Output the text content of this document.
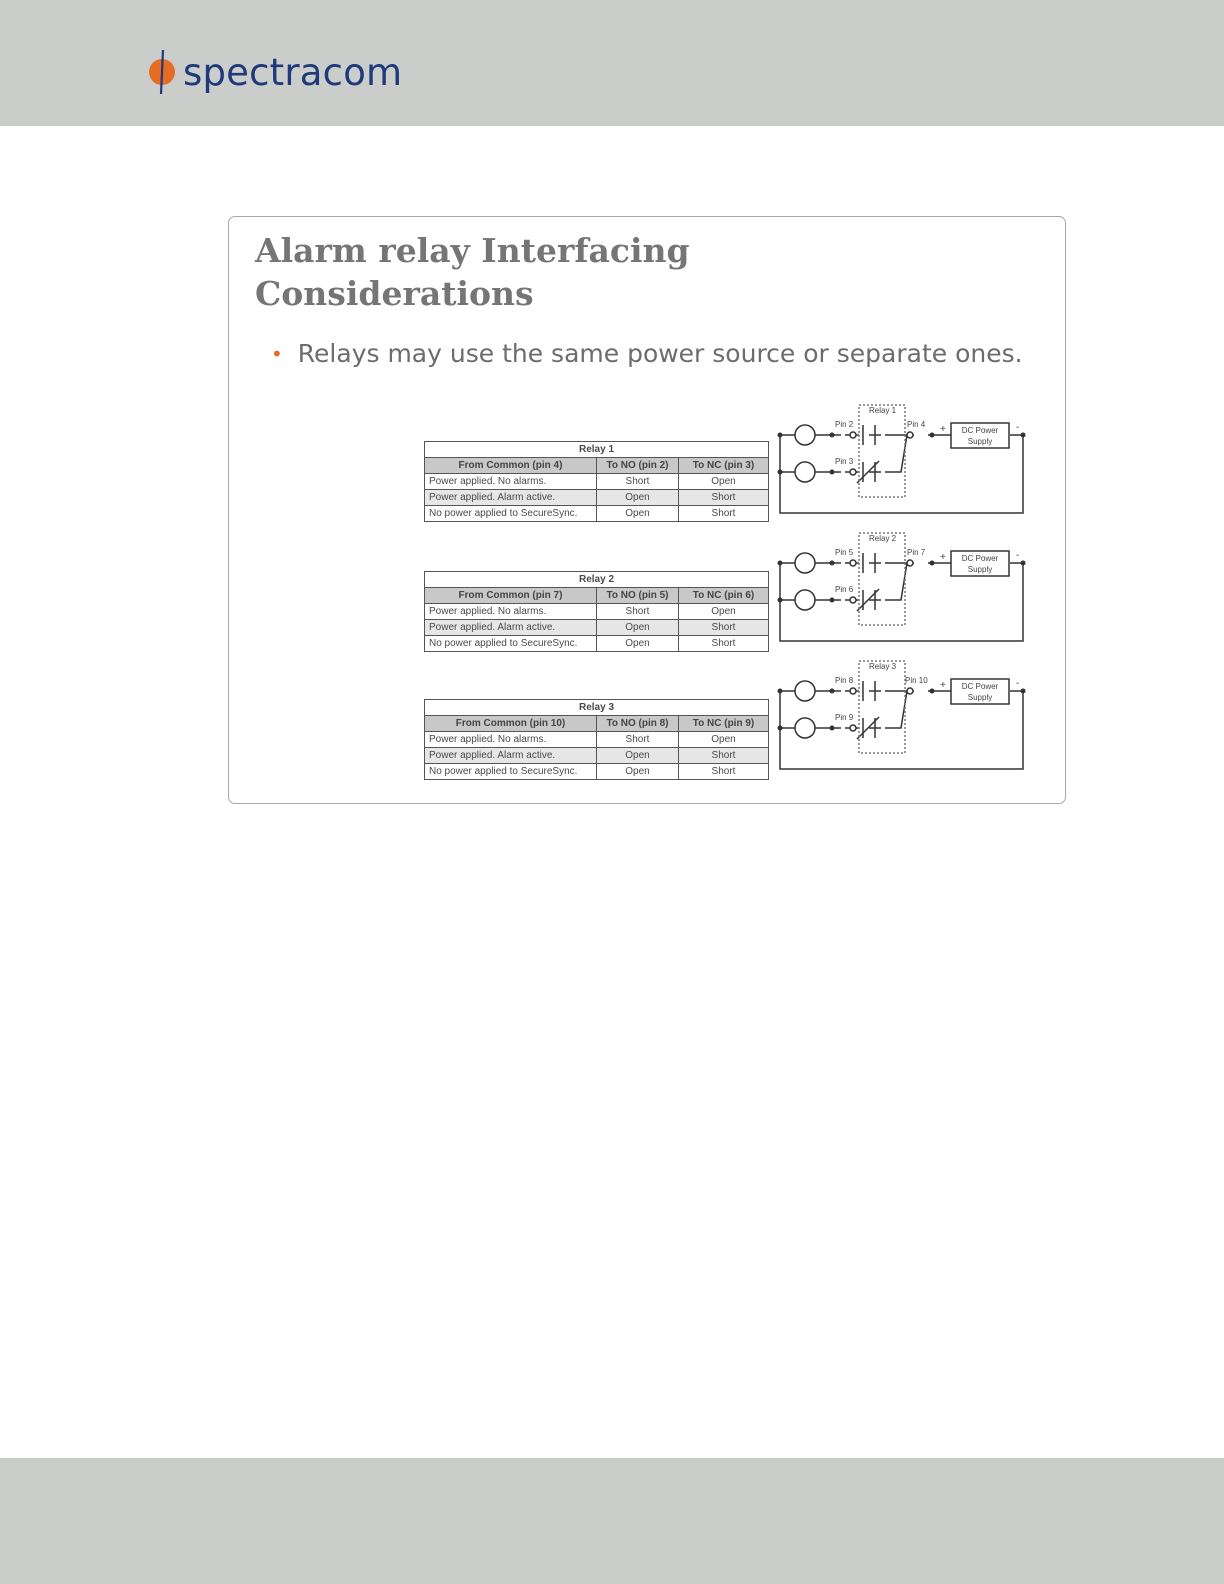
spectracom
Alarm relay Interfacing
Considerations
• Relays may use the same power source or separate ones.
Relay 1		
From Common (pin 4)	To NO (pin 2)	To NC (pin 3)
Power applied. No alarms.	Short	Open
Power applied. Alarm active.	Open	Short
No power applied to SecureSync.	Open	Short
Relay 2		
From Common (pin 7)	To NO (pin 5)	To NC (pin 6)
Power applied. No alarms.	Short	Open
Power applied. Alarm active.	Open	Short
No power applied to SecureSync.	Open	Short
Relay 3		
From Common (pin 10)	To NO (pin 8)	To NC (pin 9)
Power applied. No alarms.	Short	Open
Power applied. Alarm active.	Open	Short
No power applied to SecureSync.	Open	Short
Relay 1
Pin 2
Pin 3
Pin 4 +	-
DC Power
Supply
Relay 2
Pin 5
Pin 6
Pin 7 +	-
DC Power
Supply
Relay 3
Pin 8
Pin 9
Pin 10 +	-
DC Power
Supply
